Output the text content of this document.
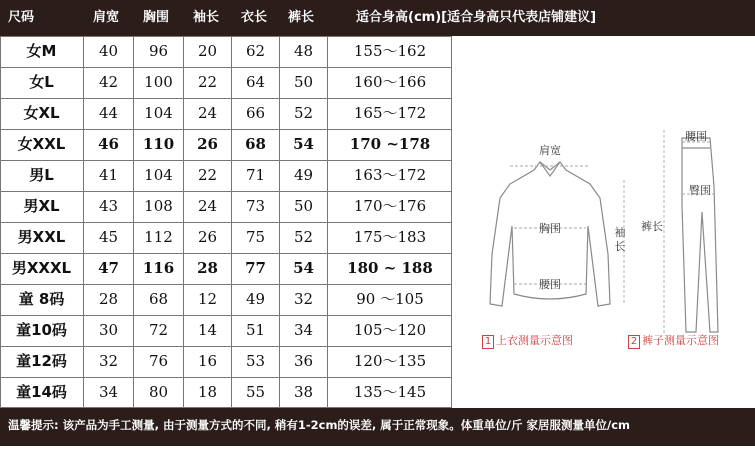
尺码	肩宽 胸围 袖长 衣长 裤长	适合身高(cm)[适合身高只代表店铺建议]
女M	40	96	20	62	48	155～162
女L	42	100	22	64	50	160～166
女XL	44	104	24	66	52	165～172
女XXL	46	110	26	68	54	170 ~178
男L	41	104	22	71	49	163～172
男XL	43	108	24	73	50	170～176
男XXL	45	112	26	75	52	175～183
男XXXL	47	116	28	77	54	180 ~ 188
童 8码	28	68	12	49	32	90 ～105
童10码	30	72	14	51	34	105～120
童12码	32	76	16	53	36	120～135
童14码	34	80	18	55	38	135～145
肩宽
胸围
腰围
袖
长
腰围
臀围
裤长
1 上衣测量示意图	2 裤子测量示意图
温馨提示: 该产品为手工测量, 由于测量方式的不同, 稍有1-2cm的误差, 属于正常现象。体重单位/斤 家居服测量单位/cm
